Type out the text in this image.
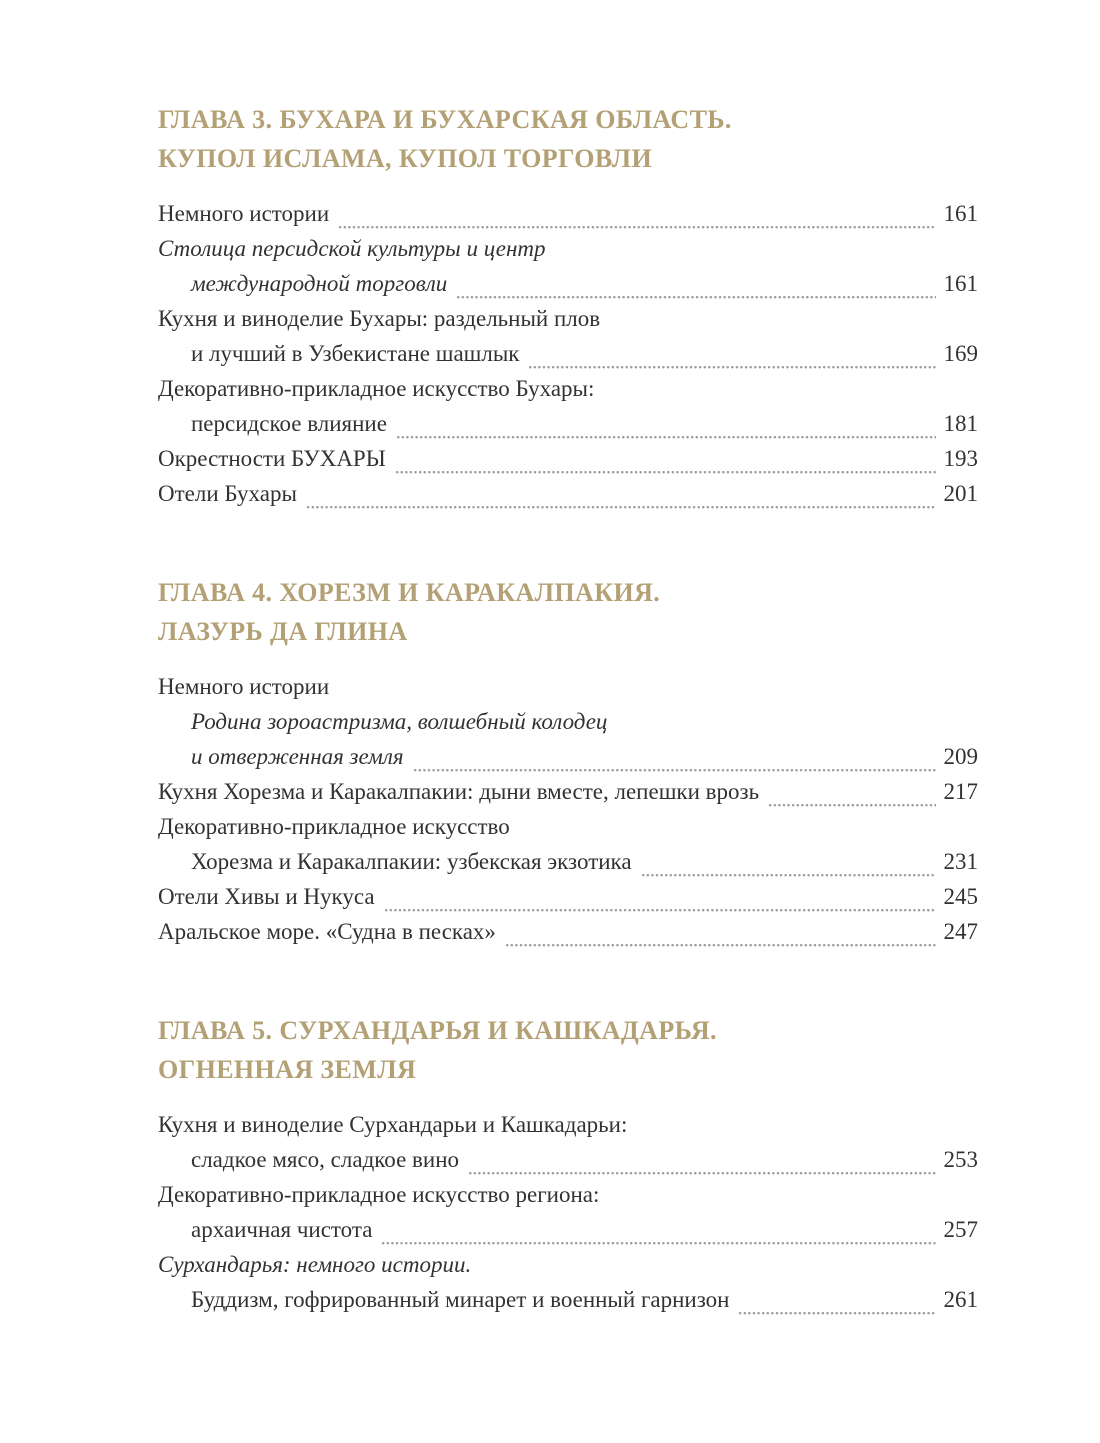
ГЛАВА 3. БУХАРА И БУХАРСКАЯ ОБЛАСТЬ.
КУПОЛ ИСЛАМА, КУПОЛ ТОРГОВЛИ
Немного истории	161
Столица персидской культуры и центр
международной торговли	161
Кухня и виноделие Бухары: раздельный плов
и лучший в Узбекистане шашлык	169
Декоративно-прикладное искусство Бухары:
персидское влияние	181
Окрестности БУХАРЫ	193
Отели Бухары	201
ГЛАВА 4. ХОРЕЗМ И КАРАКАЛПАКИЯ.
ЛАЗУРЬ ДА ГЛИНА
Немного истории
Родина зороастризма, волшебный колодец
и отверженная земля	209
Кухня Хорезма и Каракалпакии: дыни вместе, лепешки врозь	217
Декоративно-прикладное искусство
Хорезма и Каракалпакии: узбекская экзотика	231
Отели Хивы и Нукуса	245
Аральское море. «Судна в песках»	247
ГЛАВА 5. СУРХАНДАРЬЯ И КАШКАДАРЬЯ.
ОГНЕННАЯ ЗЕМЛЯ
Кухня и виноделие Сурхандарьи и Кашкадарьи:
сладкое мясо, сладкое вино	253
Декоративно-прикладное искусство региона:
архаичная чистота	257
Сурхандарья: немного истории.
Буддизм, гофрированный минарет и военный гарнизон	261
